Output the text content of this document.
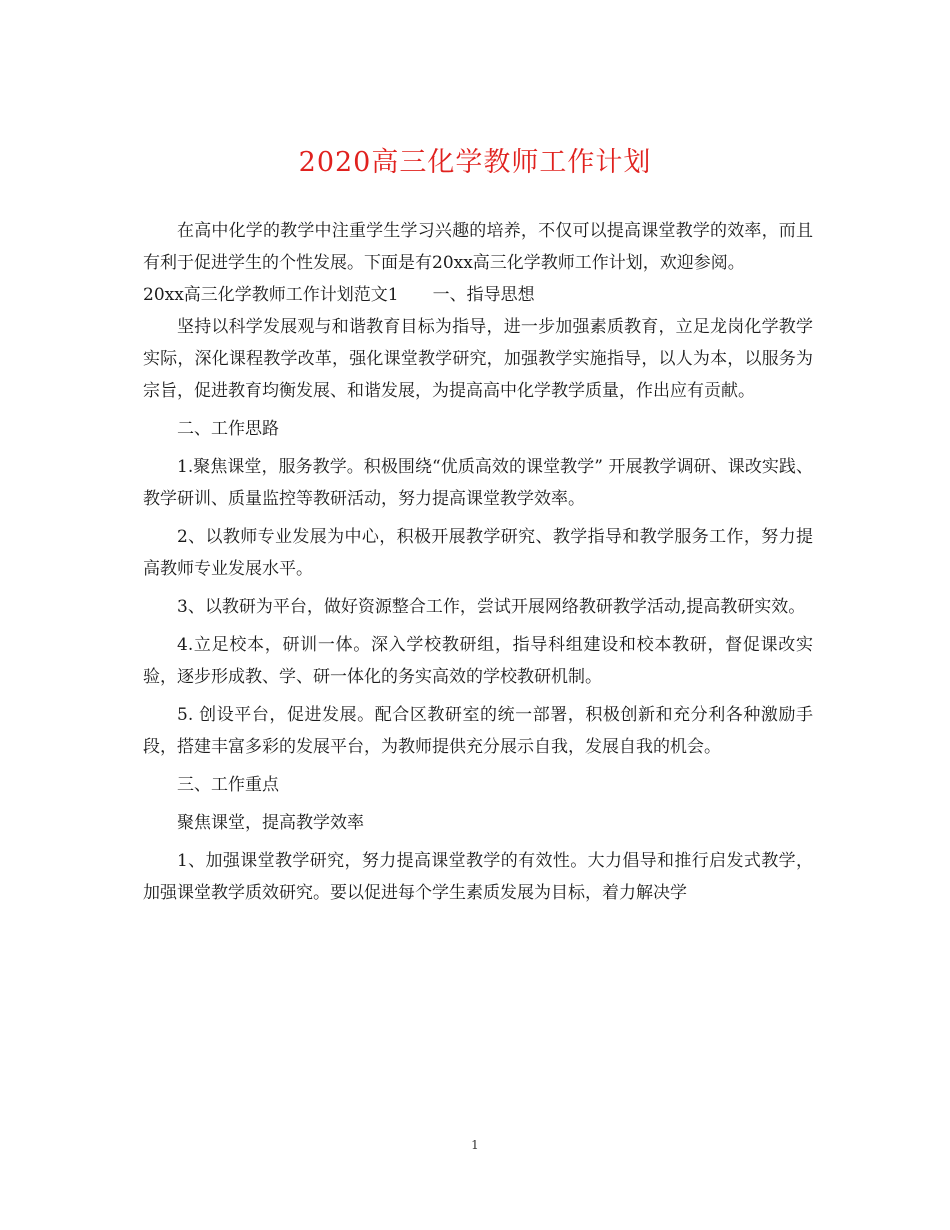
2020高三化学教师工作计划

在高中化学的教学中注重学生学习兴趣的培养，不仅可以提高课堂教学的效率，而且有利于促进学生的个性发展。下面是有20xx高三化学教师工作计划，欢迎参阅。

20xx高三化学教师工作计划范文1　　一、指导思想

坚持以科学发展观与和谐教育目标为指导，进一步加强素质教育，立足龙岗化学教学实际，深化课程教学改革，强化课堂教学研究，加强教学实施指导，以人为本，以服务为宗旨，促进教育均衡发展、和谐发展，为提高高中化学教学质量，作出应有贡献。

二、工作思路

1.聚焦课堂，服务教学。积极围绕“优质高效的课堂教学” 开展教学调研、课改实践、教学研训、质量监控等教研活动，努力提高课堂教学效率。

2、以教师专业发展为中心，积极开展教学研究、教学指导和教学服务工作，努力提高教师专业发展水平。

3、以教研为平台，做好资源整合工作，尝试开展网络教研教学活动,提高教研实效。

4.立足校本，研训一体。深入学校教研组，指导科组建设和校本教研，督促课改实验，逐步形成教、学、研一体化的务实高效的学校教研机制。

5. 创设平台，促进发展。配合区教研室的统一部署，积极创新和充分利各种激励手段，搭建丰富多彩的发展平台，为教师提供充分展示自我，发展自我的机会。

三、工作重点

聚焦课堂，提高教学效率

1、加强课堂教学研究，努力提高课堂教学的有效性。大力倡导和推行启发式教学，加强课堂教学质效研究。要以促进每个学生素质发展为目标，着力解决学

1
